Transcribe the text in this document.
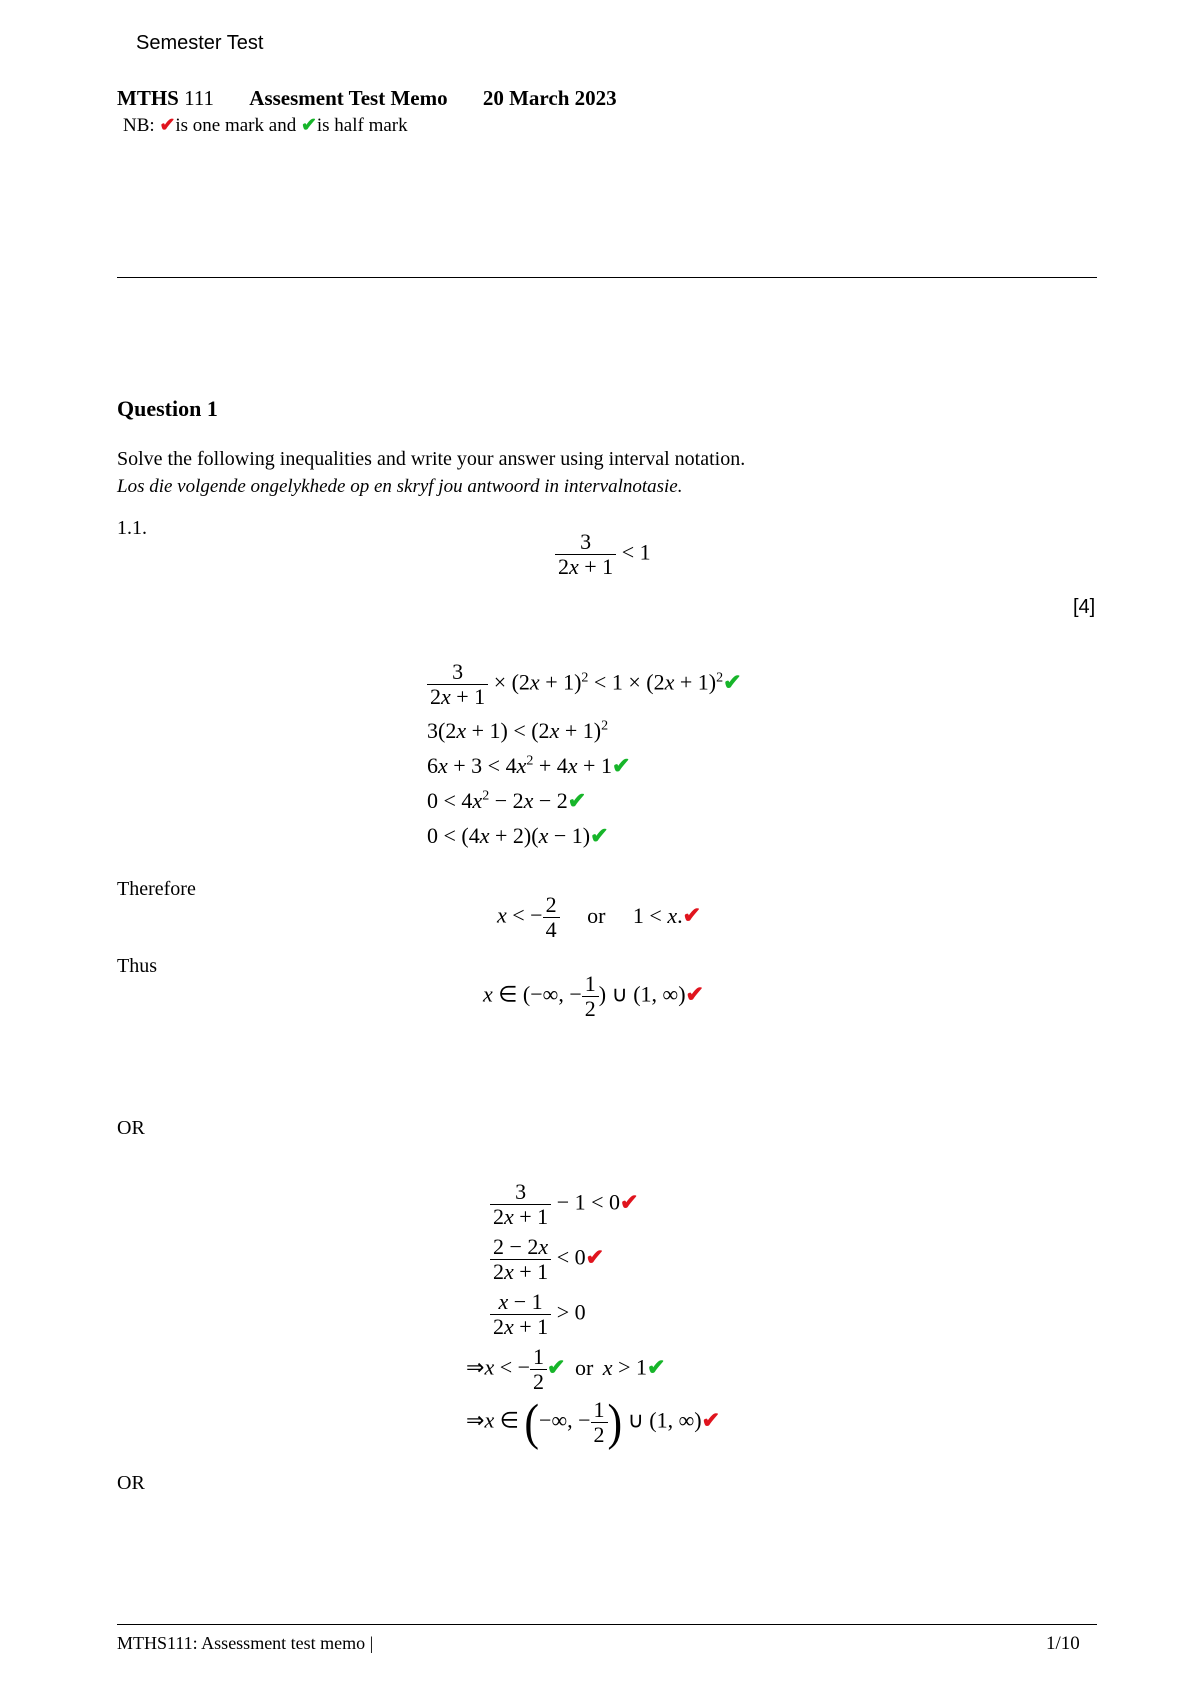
Semester Test
MTHS 111 Assesment Test Memo 20 March 2023
NB: ✔is one mark and ✔is half mark
Question 1
Solve the following inequalities and write your answer using interval notation.
Los die volgende ongelykhede op en skryf jou antwoord in intervalnotasie.
1.1.
$\frac{3}{2x + 1} < 1$
[4]
$\frac{3}{2x + 1} \times (2x + 1)^2 < 1 \times (2x$ + $1)^2✔$
$3(2x + 1) < (2x + 1)^2$
$6x + 3 < 4x^2 + 4x$ + 1✔
$0 < 4x^2 - 2x$ − 2✔
0 < (4x + 2)(x − 1)✔
Therefore
x < − $\frac{2}{4}$ or 1 < x.✔
Thus
x ∈ (−∞, − $\frac{1}{2}$ ) ∪ (1, ∞)✔
OR
$\frac{3}{2x + 1} - 1$ < 0✔
$\frac{2 - 2x}{2x + 1}$ < 0✔
$\frac{x - 1}{2x + 1} > 0$
⇒x < − $\frac{1}{2}$ ✔ or x > 1✔
⇒x ∈ (−∞, − $\frac{1}{2}$ ) ∪ (1, ∞)✔
OR
MTHS111: Assessment test memo |	1/10
